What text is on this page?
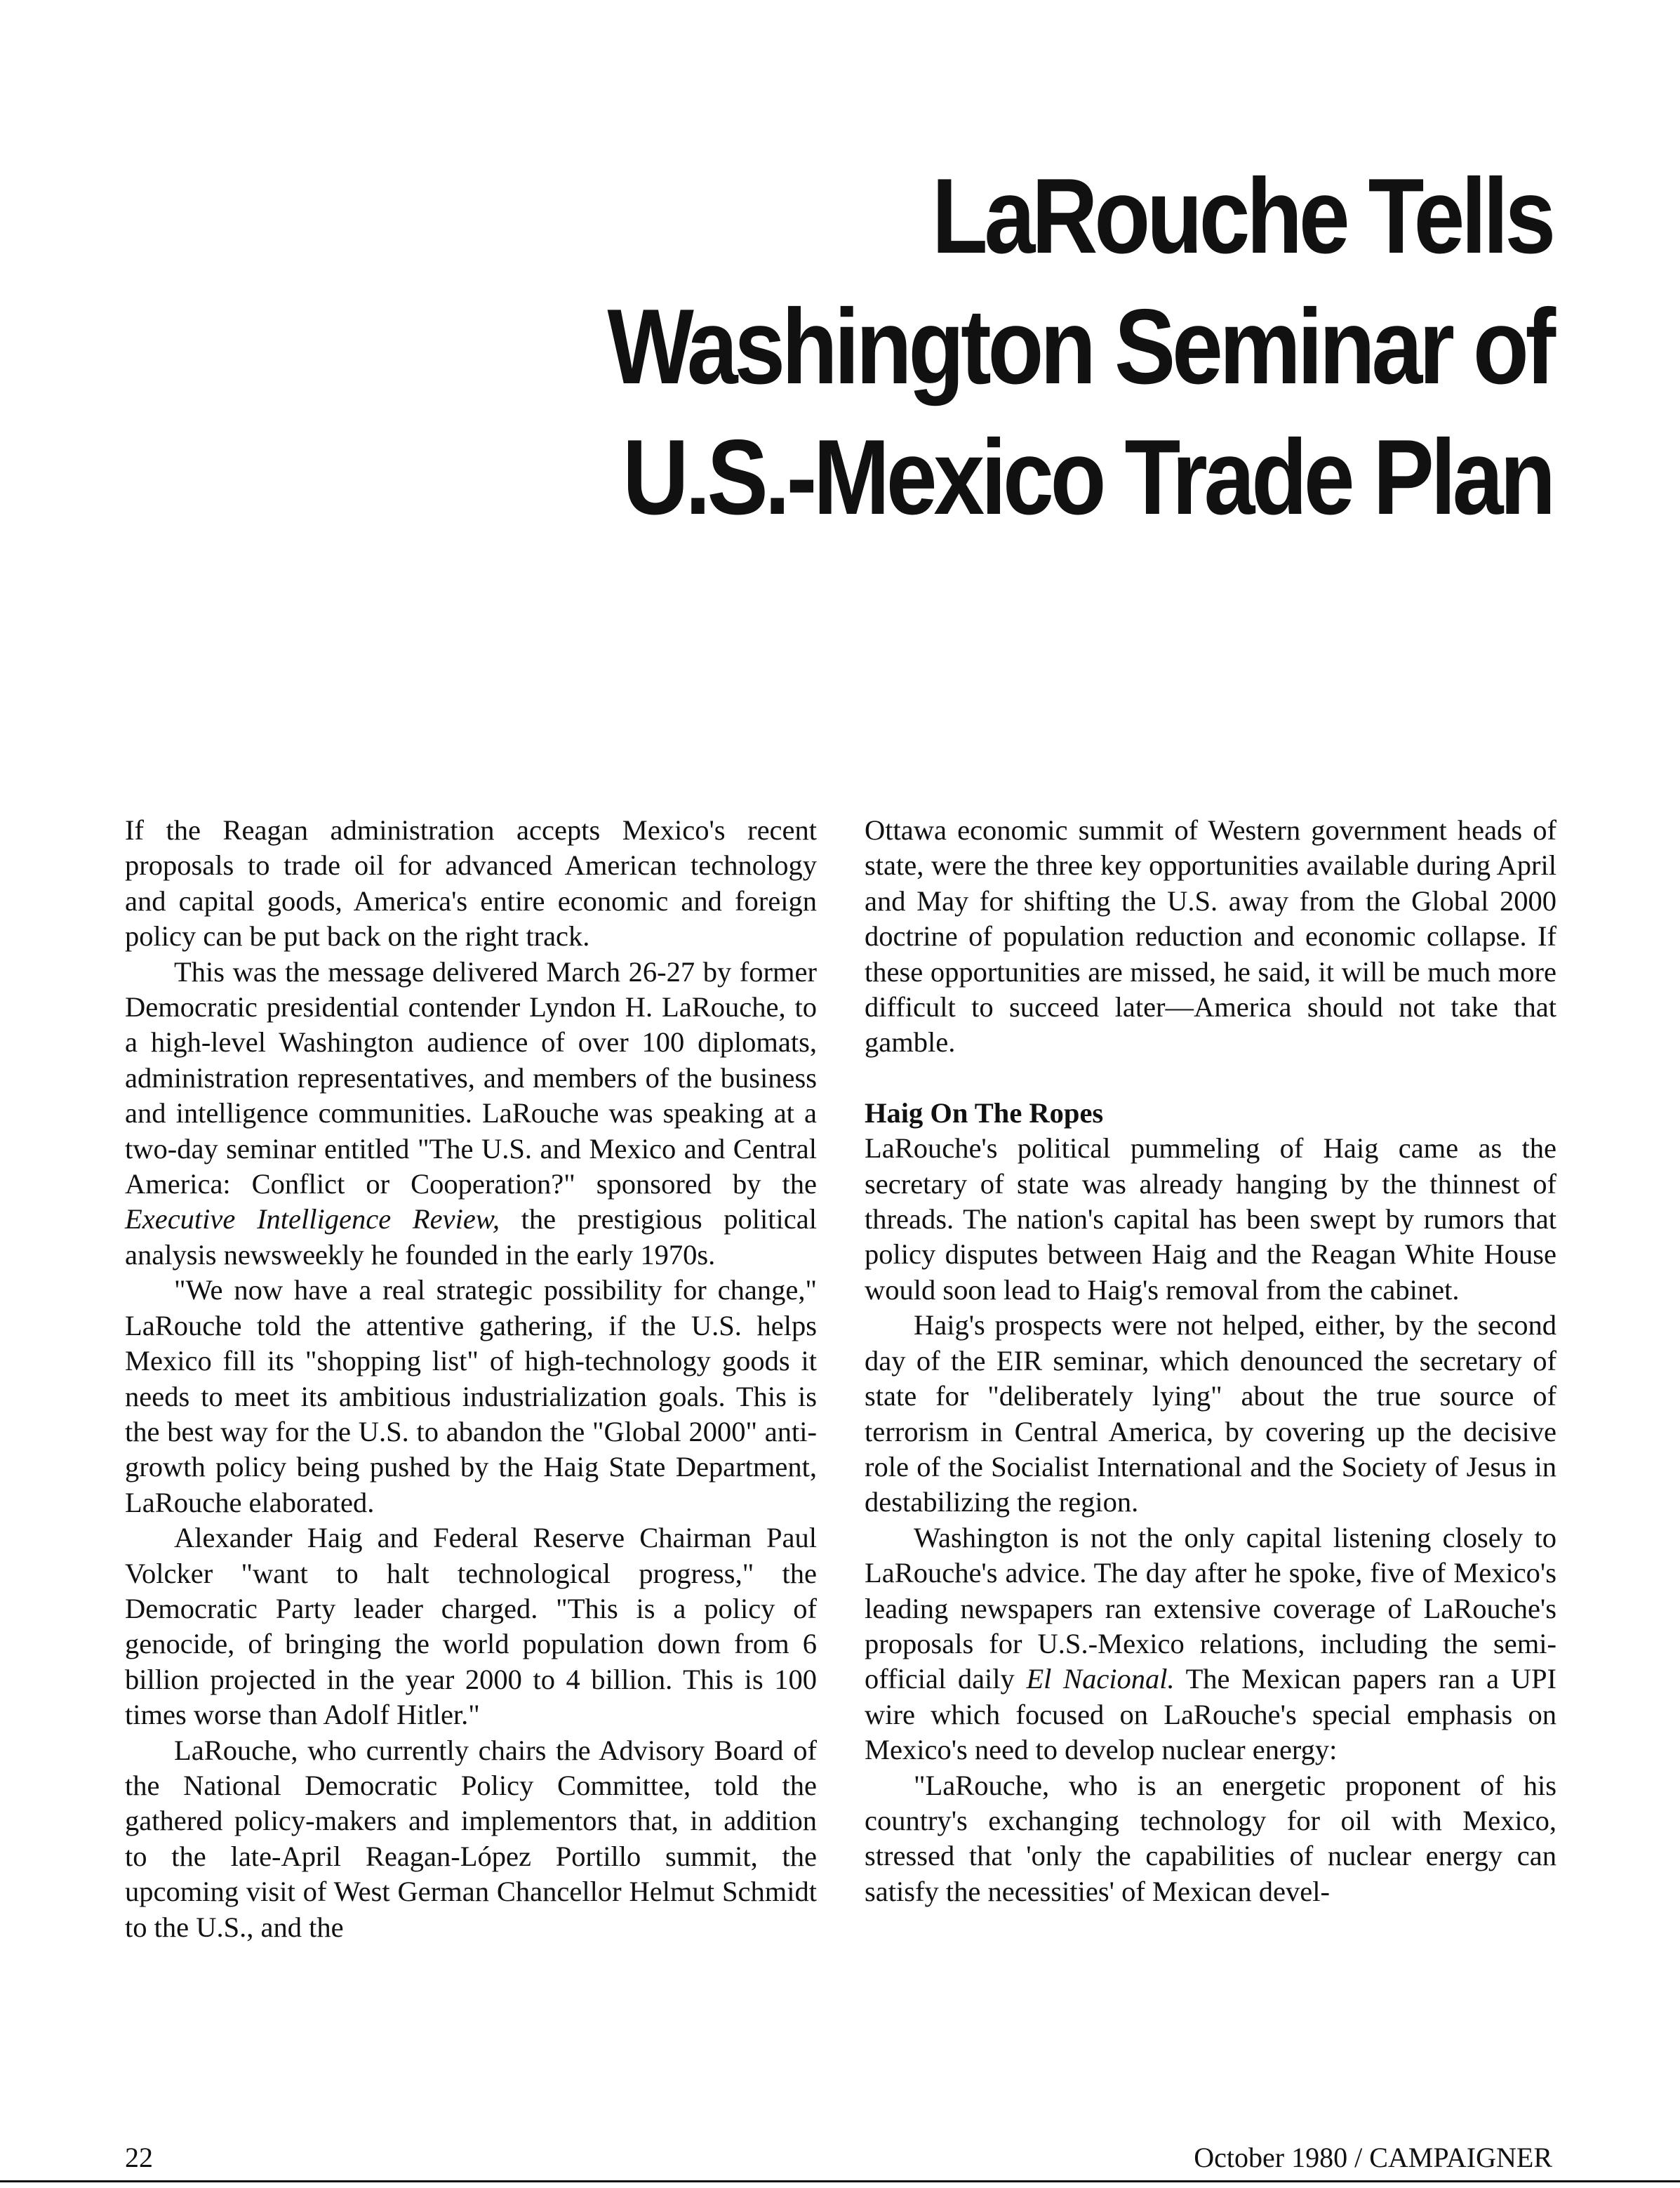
LaRouche Tells
Washington Seminar of
U.S.-Mexico Trade Plan

If the Reagan administration accepts Mexico's recent proposals to trade oil for advanced American technology and capital goods, America's entire economic and foreign policy can be put back on the right track.

This was the message delivered March 26-27 by former Democratic presidential contender Lyndon H. LaRouche, to a high-level Washington audience of over 100 diplomats, administration representatives, and members of the business and intelligence communities. LaRouche was speaking at a two-day seminar entitled "The U.S. and Mexico and Central America: Conflict or Cooperation?" sponsored by the Executive Intelligence Review, the prestigious political analysis newsweekly he founded in the early 1970s.

"We now have a real strategic possibility for change," LaRouche told the attentive gathering, if the U.S. helps Mexico fill its "shopping list" of high-technology goods it needs to meet its ambitious industrialization goals. This is the best way for the U.S. to abandon the "Global 2000" anti-growth policy being pushed by the Haig State Department, LaRouche elaborated.

Alexander Haig and Federal Reserve Chairman Paul Volcker "want to halt technological progress," the Democratic Party leader charged. "This is a policy of genocide, of bringing the world population down from 6 billion projected in the year 2000 to 4 billion. This is 100 times worse than Adolf Hitler."

LaRouche, who currently chairs the Advisory Board of the National Democratic Policy Committee, told the gathered policy-makers and implementors that, in addition to the late-April Reagan-López Portillo summit, the upcoming visit of West German Chancellor Helmut Schmidt to the U.S., and the

Ottawa economic summit of Western government heads of state, were the three key opportunities available during April and May for shifting the U.S. away from the Global 2000 doctrine of population reduction and economic collapse. If these opportunities are missed, he said, it will be much more difficult to succeed later—America should not take that gamble.

Haig On The Ropes

LaRouche's political pummeling of Haig came as the secretary of state was already hanging by the thinnest of threads. The nation's capital has been swept by rumors that policy disputes between Haig and the Reagan White House would soon lead to Haig's removal from the cabinet.

Haig's prospects were not helped, either, by the second day of the EIR seminar, which denounced the secretary of state for "deliberately lying" about the true source of terrorism in Central America, by covering up the decisive role of the Socialist International and the Society of Jesus in destabilizing the region.

Washington is not the only capital listening closely to LaRouche's advice. The day after he spoke, five of Mexico's leading newspapers ran extensive coverage of LaRouche's proposals for U.S.-Mexico relations, including the semi-official daily El Nacional. The Mexican papers ran a UPI wire which focused on LaRouche's special emphasis on Mexico's need to develop nuclear energy:

"LaRouche, who is an energetic proponent of his country's exchanging technology for oil with Mexico, stressed that 'only the capabilities of nuclear energy can satisfy the necessities' of Mexican devel-

22	October 1980 / CAMPAIGNER
